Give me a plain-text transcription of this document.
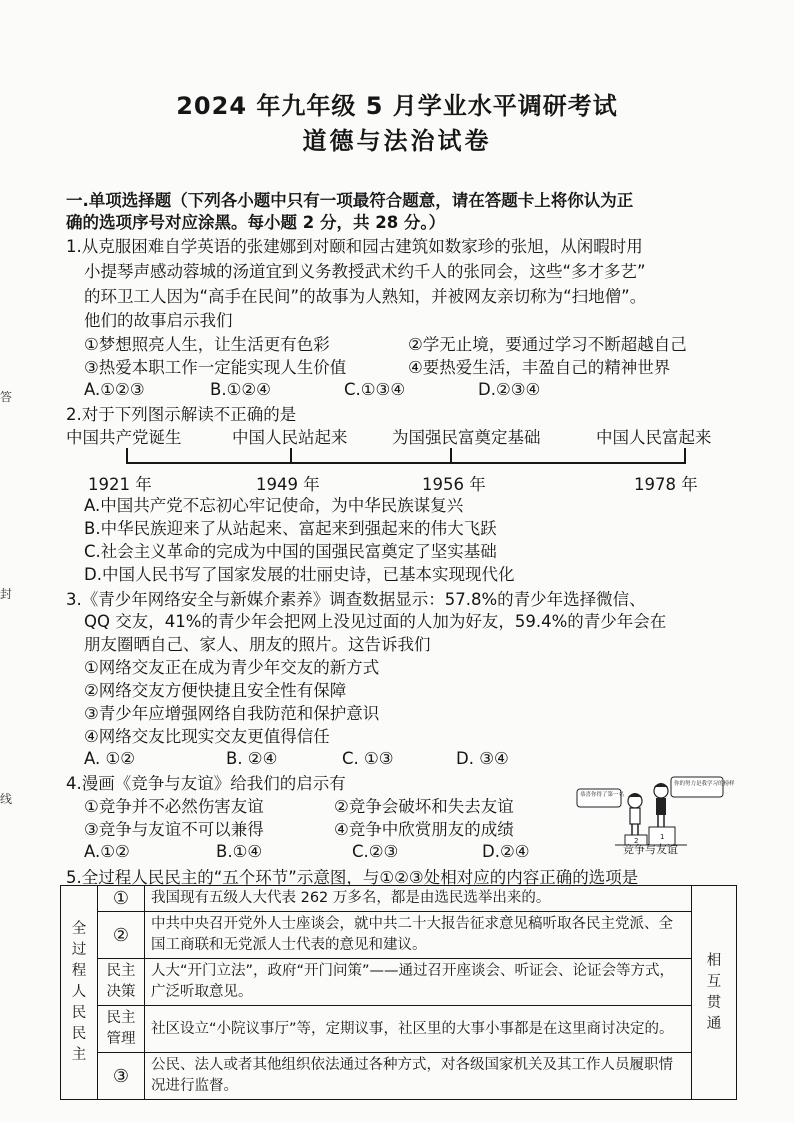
2024 年九年级 5 月学业水平调研考试
道德与法治试卷
答
封
线
一.单项选择题（下列各小题中只有一项最符合题意，请在答题卡上将你认为正
确的选项序号对应涂黑。每小题 2 分，共 28 分。）
1.从克服困难自学英语的张建娜到对颐和园古建筑如数家珍的张旭，从闲暇时用
小提琴声感动蓉城的汤道宜到义务教授武术约千人的张同会，这些“多才多艺”
的环卫工人因为“高手在民间”的故事为人熟知，并被网友亲切称为“扫地僧”。
他们的故事启示我们
①梦想照亮人生，让生活更有色彩	②学无止境，要通过学习不断超越自己
③热爱本职工作一定能实现人生价值	④要热爱生活，丰盈自己的精神世界
A.①②③	B.①②④	C.①③④	D.②③④
2.对于下列图示解读不正确的是
中国共产党诞生	中国人民站起来	为国强民富奠定基础	中国人民富起来
1921 年	1949 年	1956 年	1978 年
A.中国共产党不忘初心牢记使命，为中华民族谋复兴
B.中华民族迎来了从站起来、富起来到强起来的伟大飞跃
C.社会主义革命的完成为中国的国强民富奠定了坚实基础
D.中国人民书写了国家发展的壮丽史诗，已基本实现现代化
3.《青少年网络安全与新媒介素养》调查数据显示：57.8%的青少年选择微信、
QQ 交友，41%的青少年会把网上没见过面的人加为好友，59.4%的青少年会在
朋友圈晒自己、家人、朋友的照片。这告诉我们
①网络交友正在成为青少年交友的新方式
②网络交友方便快捷且安全性有保障
③青少年应增强网络自我防范和保护意识
④网络交友比现实交友更值得信任
A. ①②	B. ②④	C. ①③	D. ③④
4.漫画《竞争与友谊》给我们的启示有
①竞争并不必然伤害友谊	②竞争会破坏和失去友谊
③竞争与友谊不可以兼得	④竞争中欣赏朋友的成绩
A.①②	B.①④	C.②③	D.②④
恭喜你得了第一名
你的努力是我学习的榜样
2	1
竞争与友谊
5.全过程人民民主的“五个环节”示意图，与①②③处相对应的内容正确的选项是
全过程人民民主	①	我国现有五级人大代表 262 万多名，都是由选民选举出来的。	相互贯通

	②	中共中央召开党外人士座谈会，就中共二十大报告征求意见稿听取各民主党派、全国工商联和无党派人士代表的意见和建议。	

	民主决策	人大“开门立法”，政府“开门问策”——通过召开座谈会、听证会、论证会等方式，广泛听取意见。	

	民主管理	社区设立“小院议事厅”等，定期议事，社区里的大事小事都是在这里商讨决定的。	
	③	公民、法人或者其他组织依法通过各种方式，对各级国家机关及其工作人员履职情况进行监督。	
